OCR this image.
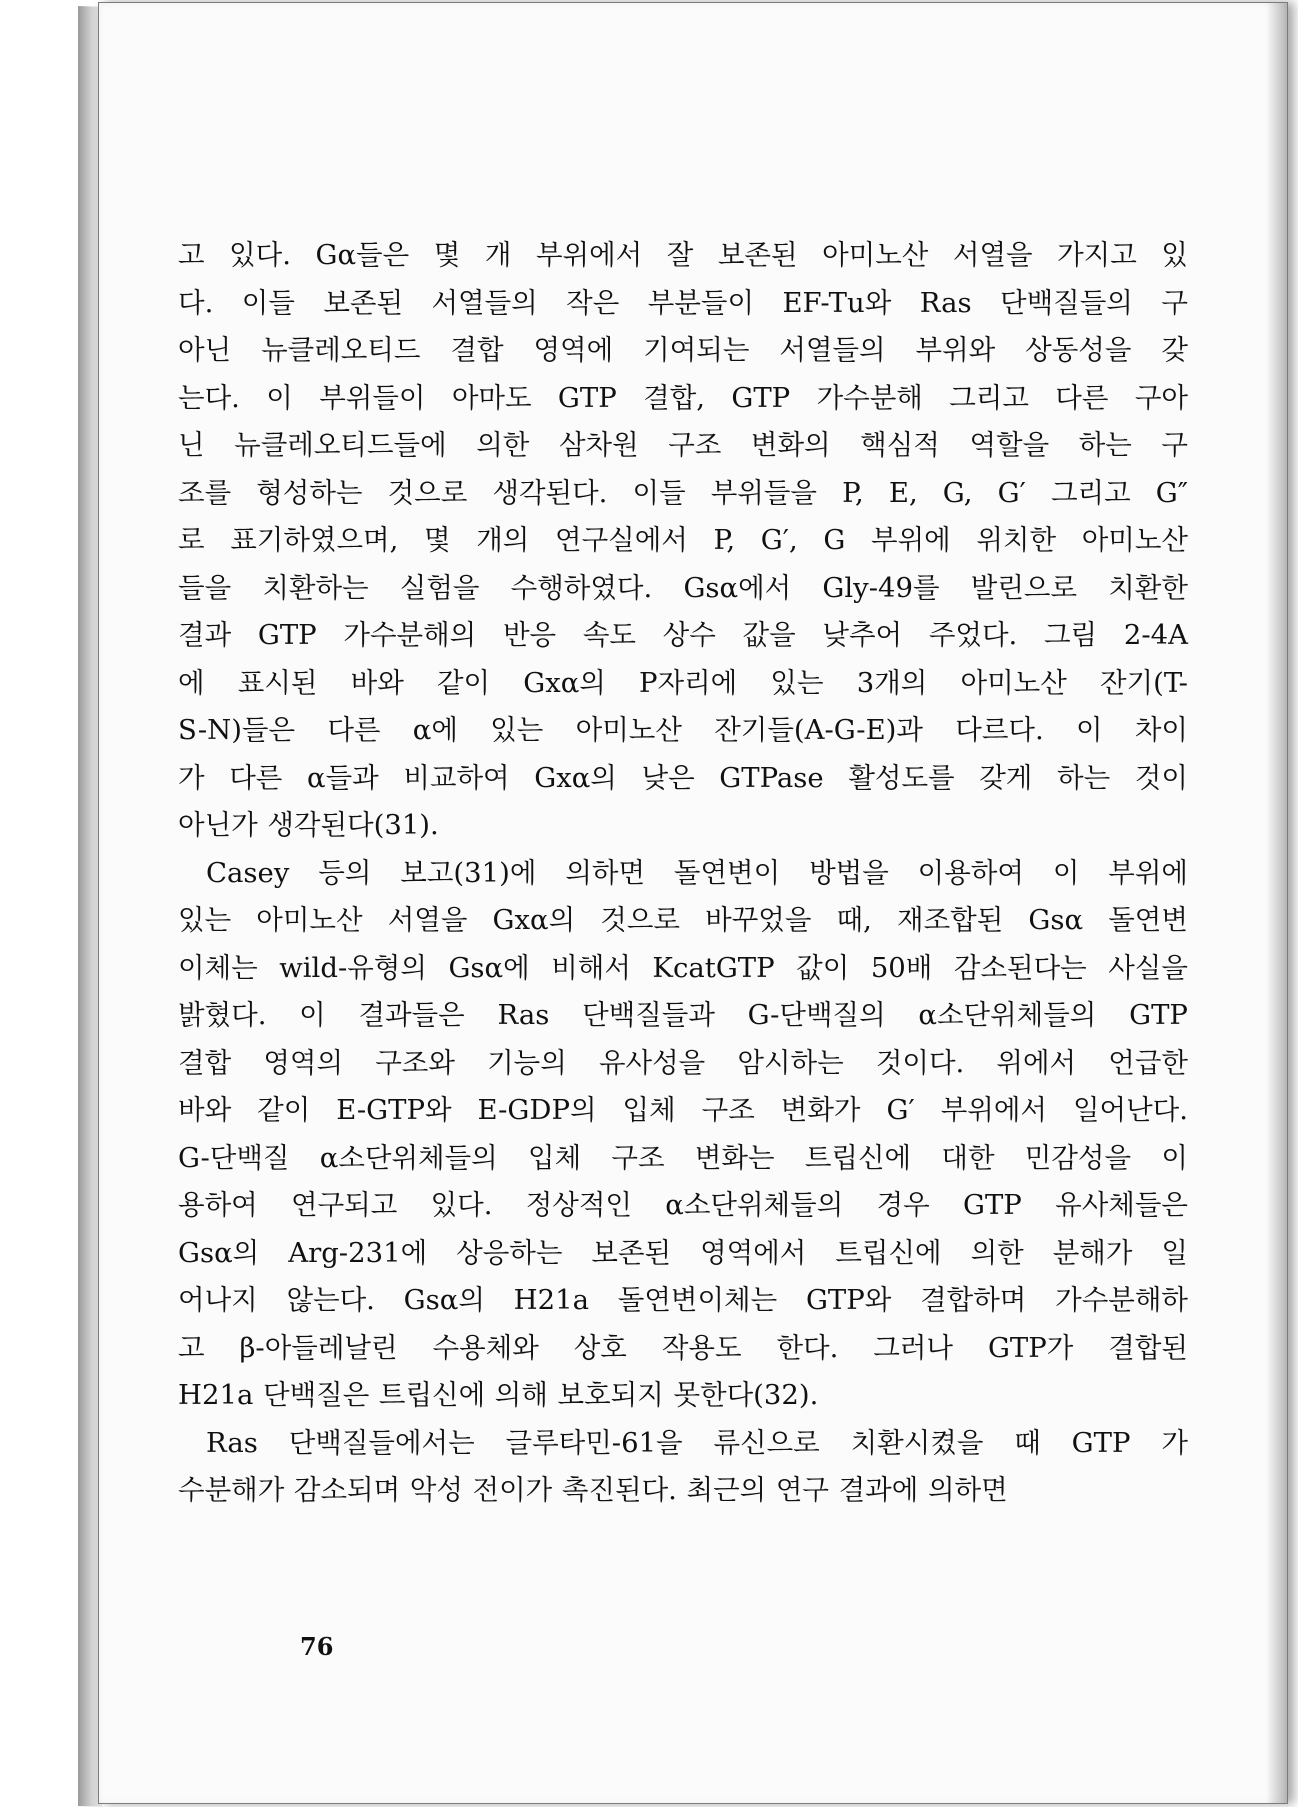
고 있다. Gα들은 몇 개 부위에서 잘 보존된 아미노산 서열을 가지고 있
다. 이들 보존된 서열들의 작은 부분들이 EF-Tu와 Ras 단백질들의 구
아닌 뉴클레오티드 결합 영역에 기여되는 서열들의 부위와 상동성을 갖
는다. 이 부위들이 아마도 GTP 결합, GTP 가수분해 그리고 다른 구아
닌 뉴클레오티드들에 의한 삼차원 구조 변화의 핵심적 역할을 하는 구
조를 형성하는 것으로 생각된다. 이들 부위들을 P, E, G, G′ 그리고 G″
로 표기하였으며, 몇 개의 연구실에서 P, G′, G 부위에 위치한 아미노산
들을 치환하는 실험을 수행하였다. Gsα에서 Gly-49를 발린으로 치환한
결과 GTP 가수분해의 반응 속도 상수 값을 낮추어 주었다. 그림 2-4A
에 표시된 바와 같이 Gxα의 P자리에 있는 3개의 아미노산 잔기(T-
S-N)들은 다른 α에 있는 아미노산 잔기들(A-G-E)과 다르다. 이 차이
가 다른 α들과 비교하여 Gxα의 낮은 GTPase 활성도를 갖게 하는 것이
아닌가 생각된다(31).
Casey 등의 보고(31)에 의하면 돌연변이 방법을 이용하여 이 부위에
있는 아미노산 서열을 Gxα의 것으로 바꾸었을 때, 재조합된 Gsα 돌연변
이체는 wild-유형의 Gsα에 비해서 KcatGTP 값이 50배 감소된다는 사실을
밝혔다. 이 결과들은 Ras 단백질들과 G-단백질의 α소단위체들의 GTP
결합 영역의 구조와 기능의 유사성을 암시하는 것이다. 위에서 언급한
바와 같이 E-GTP와 E-GDP의 입체 구조 변화가 G′ 부위에서 일어난다.
G-단백질 α소단위체들의 입체 구조 변화는 트립신에 대한 민감성을 이
용하여 연구되고 있다. 정상적인 α소단위체들의 경우 GTP 유사체들은
Gsα의 Arg-231에 상응하는 보존된 영역에서 트립신에 의한 분해가 일
어나지 않는다. Gsα의 H21a 돌연변이체는 GTP와 결합하며 가수분해하
고 β-아들레날린 수용체와 상호 작용도 한다. 그러나 GTP가 결합된
H21a 단백질은 트립신에 의해 보호되지 못한다(32).
Ras 단백질들에서는 글루타민-61을 류신으로 치환시켰을 때 GTP 가
수분해가 감소되며 악성 전이가 촉진된다. 최근의 연구 결과에 의하면
76
